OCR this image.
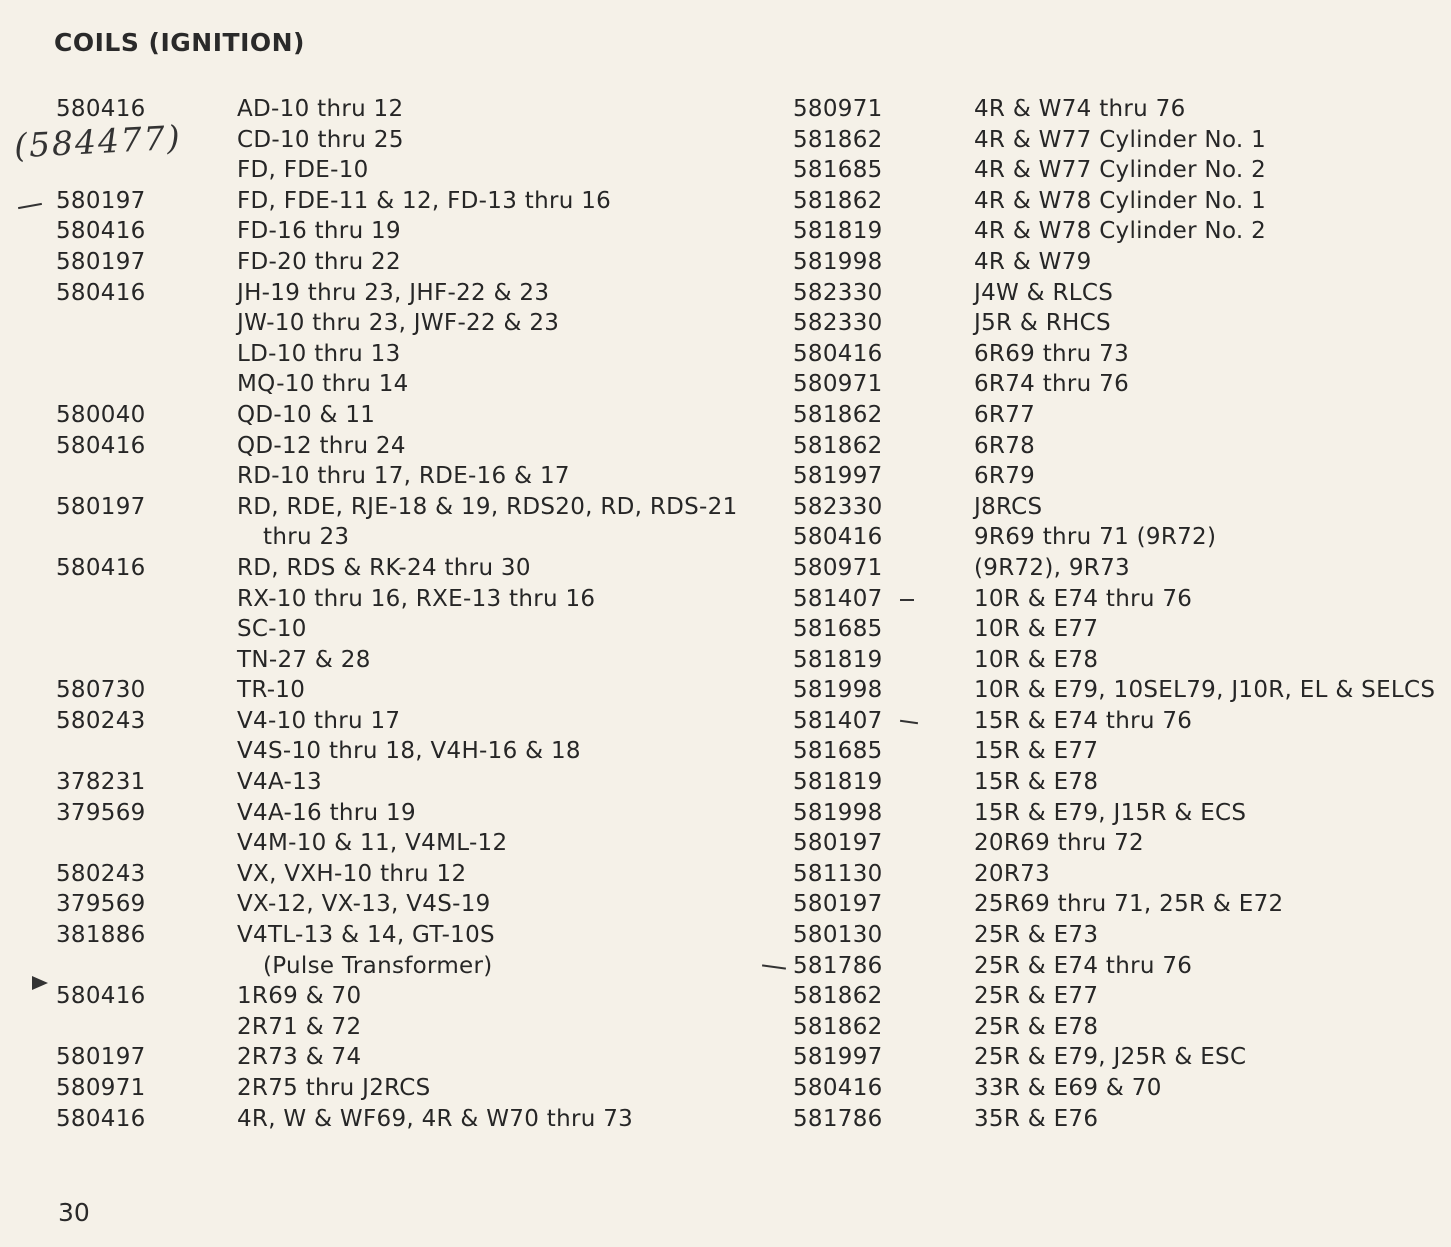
COILS (IGNITION)
(584477)
580416	AD-10 thru 12
CD-10 thru 25
FD, FDE-10
580197	FD, FDE-11 & 12, FD-13 thru 16
580416	FD-16 thru 19
580197	FD-20 thru 22
580416	JH-19 thru 23, JHF-22 & 23
JW-10 thru 23, JWF-22 & 23
LD-10 thru 13
MQ-10 thru 14
580040	QD-10 & 11
580416	QD-12 thru 24
RD-10 thru 17, RDE-16 & 17
580197	RD, RDE, RJE-18 & 19, RDS20, RD, RDS-21
thru 23
580416	RD, RDS & RK-24 thru 30
RX-10 thru 16, RXE-13 thru 16
SC-10
TN-27 & 28
580730	TR-10
580243	V4-10 thru 17
V4S-10 thru 18, V4H-16 & 18
378231	V4A-13
379569	V4A-16 thru 19
V4M-10 & 11, V4ML-12
580243	VX, VXH-10 thru 12
379569	VX-12, VX-13, V4S-19
381886	V4TL-13 & 14, GT-10S
(Pulse Transformer)
580416	1R69 & 70
2R71 & 72
580197	2R73 & 74
580971	2R75 thru J2RCS
580416	4R, W & WF69, 4R & W70 thru 73
580971	4R & W74 thru 76
581862	4R & W77 Cylinder No. 1
581685	4R & W77 Cylinder No. 2
581862	4R & W78 Cylinder No. 1
581819	4R & W78 Cylinder No. 2
581998	4R & W79
582330	J4W & RLCS
582330	J5R & RHCS
580416	6R69 thru 73
580971	6R74 thru 76
581862	6R77
581862	6R78
581997	6R79
582330	J8RCS
580416	9R69 thru 71 (9R72)
580971	(9R72), 9R73
581407	10R & E74 thru 76
581685	10R & E77
581819	10R & E78
581998	10R & E79, 10SEL79, J10R, EL & SELCS
581407	15R & E74 thru 76
581685	15R & E77
581819	15R & E78
581998	15R & E79, J15R & ECS
580197	20R69 thru 72
581130	20R73
580197	25R69 thru 71, 25R & E72
580130	25R & E73
581786	25R & E74 thru 76
581862	25R & E77
581862	25R & E78
581997	25R & E79, J25R & ESC
580416	33R & E69 & 70
581786	35R & E76
30
